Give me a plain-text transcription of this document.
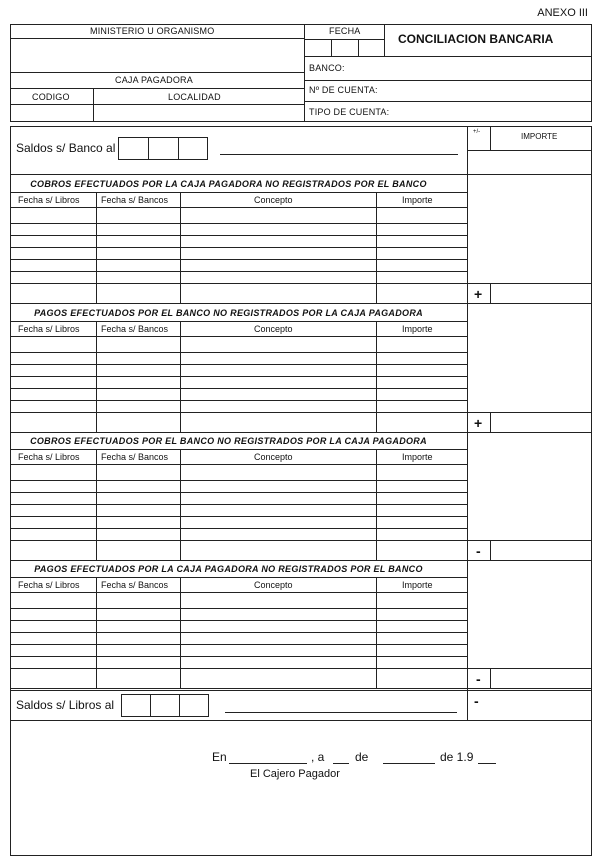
ANEXO III
MINISTERIO U ORGANISMO
CAJA PAGADORA
CODIGO	LOCALIDAD
FECHA
CONCILIACION BANCARIA
BANCO:
Nº DE CUENTA:
TIPO DE CUENTA:
+/-	IMPORTE
Saldos s/ Banco al
COBROS EFECTUADOS POR LA CAJA PAGADORA NO REGISTRADOS POR EL BANCO
Fecha s/ Libros Fecha s/ Bancos	Concepto	Importe
+
PAGOS EFECTUADOS POR EL BANCO NO REGISTRADOS POR LA CAJA PAGADORA
Fecha s/ Libros Fecha s/ Bancos	Concepto	Importe
+
COBROS EFECTUADOS POR EL BANCO NO REGISTRADOS POR LA CAJA PAGADORA
Fecha s/ Libros Fecha s/ Bancos	Concepto	Importe
-
PAGOS EFECTUADOS POR LA CAJA PAGADORA NO REGISTRADOS POR EL BANCO
Fecha s/ Libros Fecha s/ Bancos	Concepto	Importe
-
Saldos s/ Libros al	-
En	, a	de	de 1.9
El Cajero Pagador
